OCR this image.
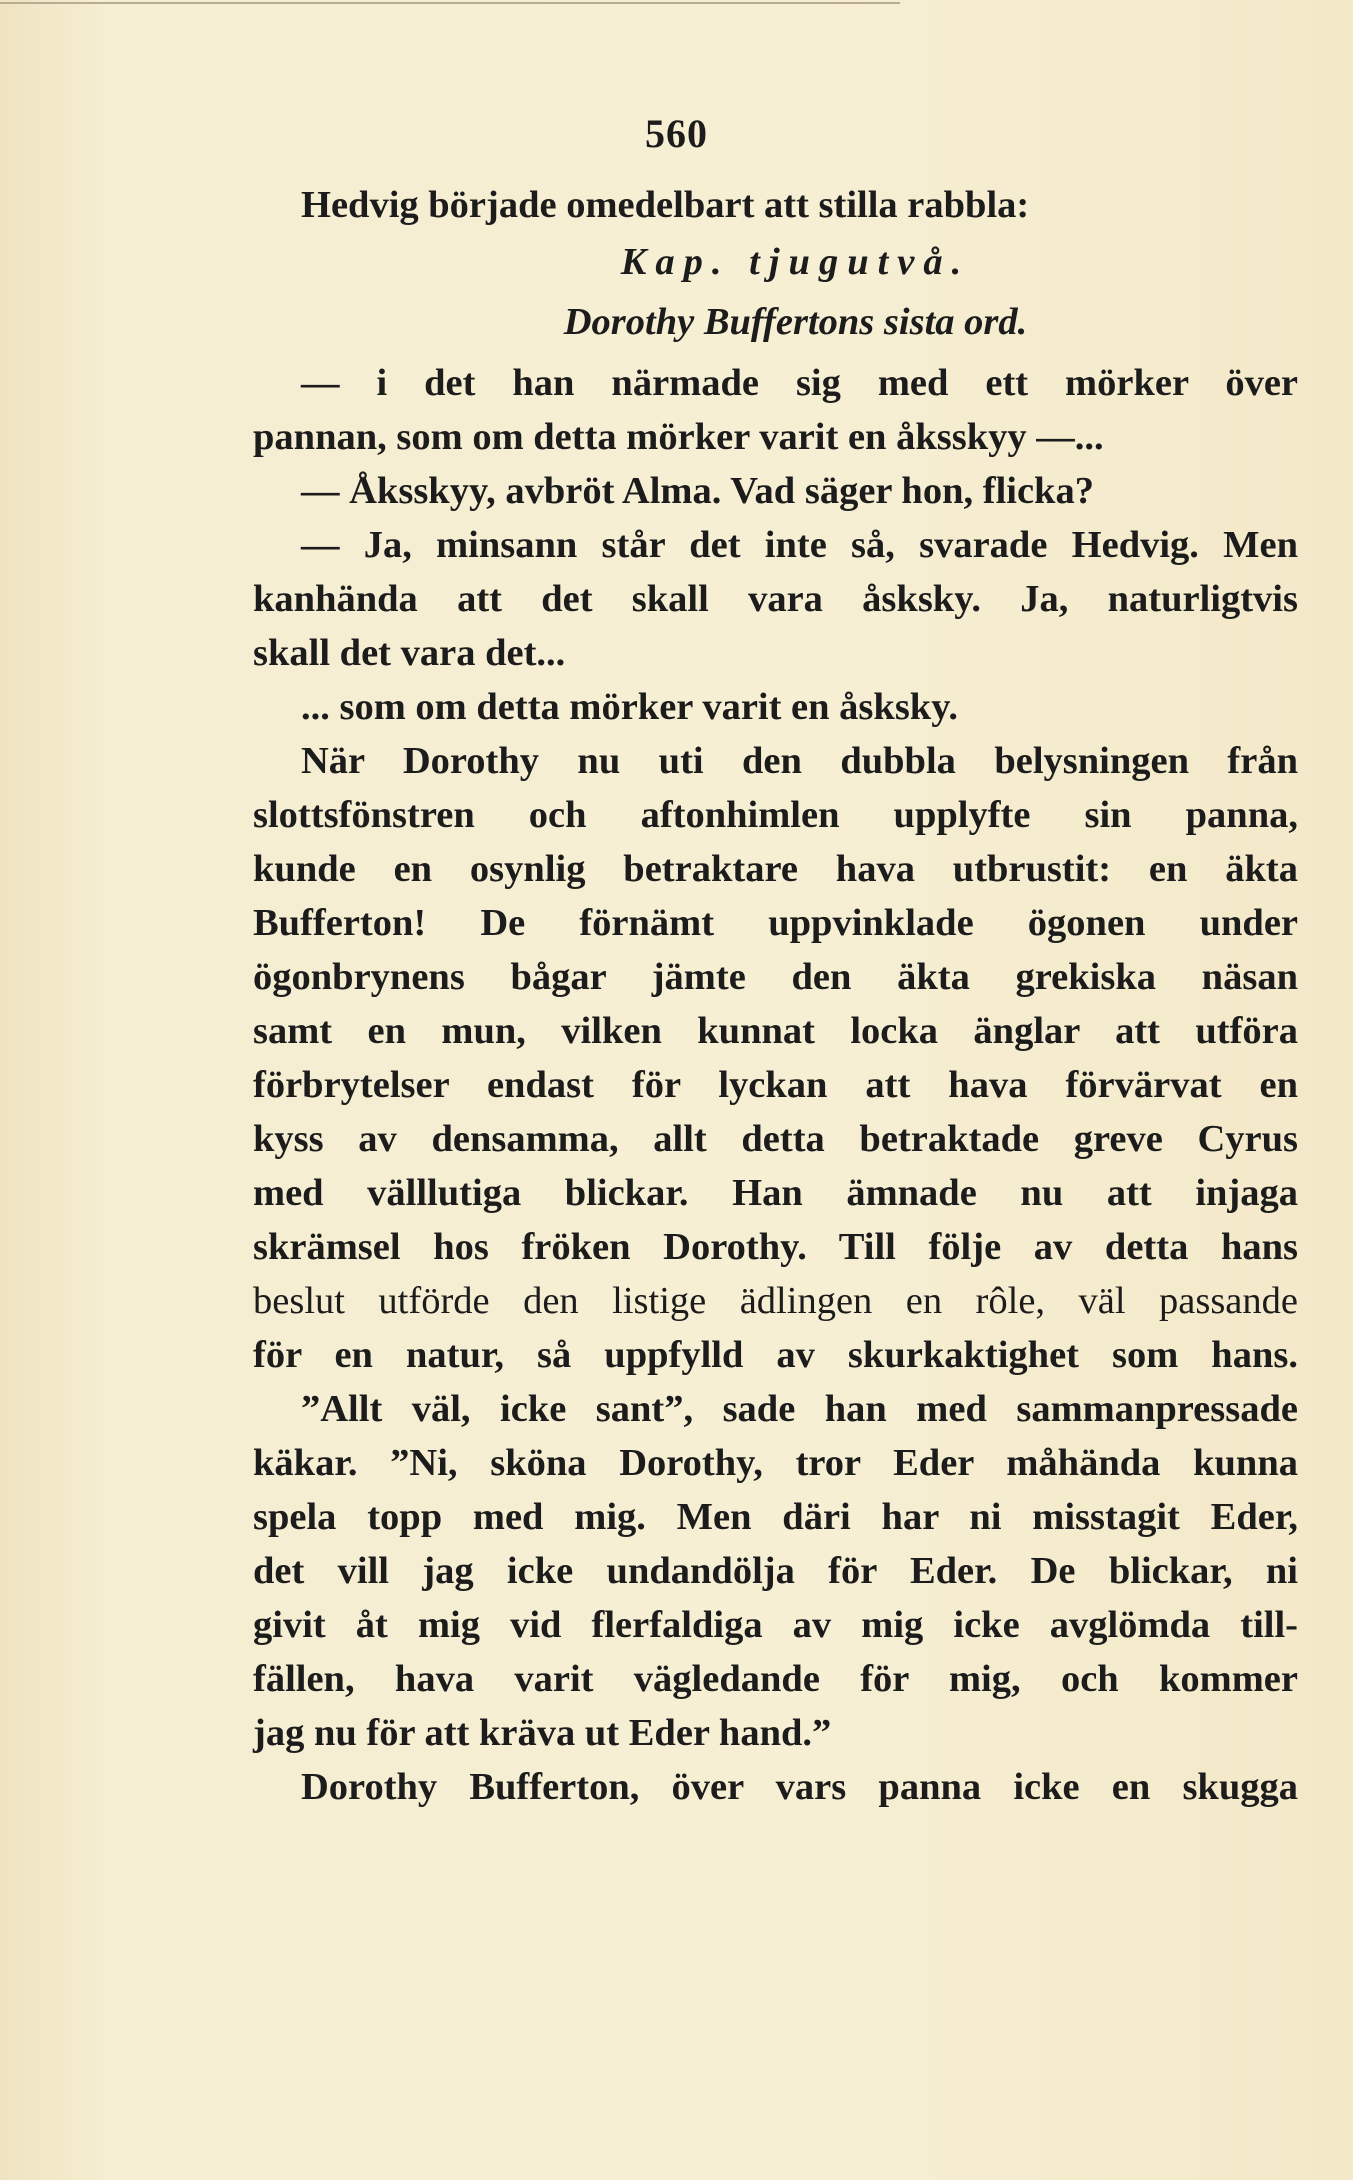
560
Hedvig började omedelbart att stilla rabbla:
Kap. tjugutvå.
Dorothy Buffertons sista ord.
— i det han närmade sig med ett mörker över
pannan, som om detta mörker varit en åksskyy —...
— Åksskyy, avbröt Alma. Vad säger hon, flicka?
— Ja, minsann står det inte så, svarade Hedvig. Men
kanhända att det skall vara åsksky. Ja, naturligtvis
skall det vara det...
... som om detta mörker varit en åsksky.
När Dorothy nu uti den dubbla belysningen från
slottsfönstren och aftonhimlen upplyfte sin panna,
kunde en osynlig betraktare hava utbrustit: en äkta
Bufferton! De förnämt uppvinklade ögonen under
ögonbrynens bågar jämte den äkta grekiska näsan
samt en mun, vilken kunnat locka änglar att utföra
förbrytelser endast för lyckan att hava förvärvat en
kyss av densamma, allt detta betraktade greve Cyrus
med välllutiga blickar. Han ämnade nu att injaga
skrämsel hos fröken Dorothy. Till följe av detta hans
beslut utförde den listige ädlingen en rôle, väl passande
för en natur, så uppfylld av skurkaktighet som hans.
”Allt väl, icke sant”, sade han med sammanpressade
käkar. ”Ni, sköna Dorothy, tror Eder måhända kunna
spela topp med mig. Men däri har ni misstagit Eder,
det vill jag icke undandölja för Eder. De blickar, ni
givit åt mig vid flerfaldiga av mig icke avglömda till-
fällen, hava varit vägledande för mig, och kommer
jag nu för att kräva ut Eder hand.”
Dorothy Bufferton, över vars panna icke en skugga
